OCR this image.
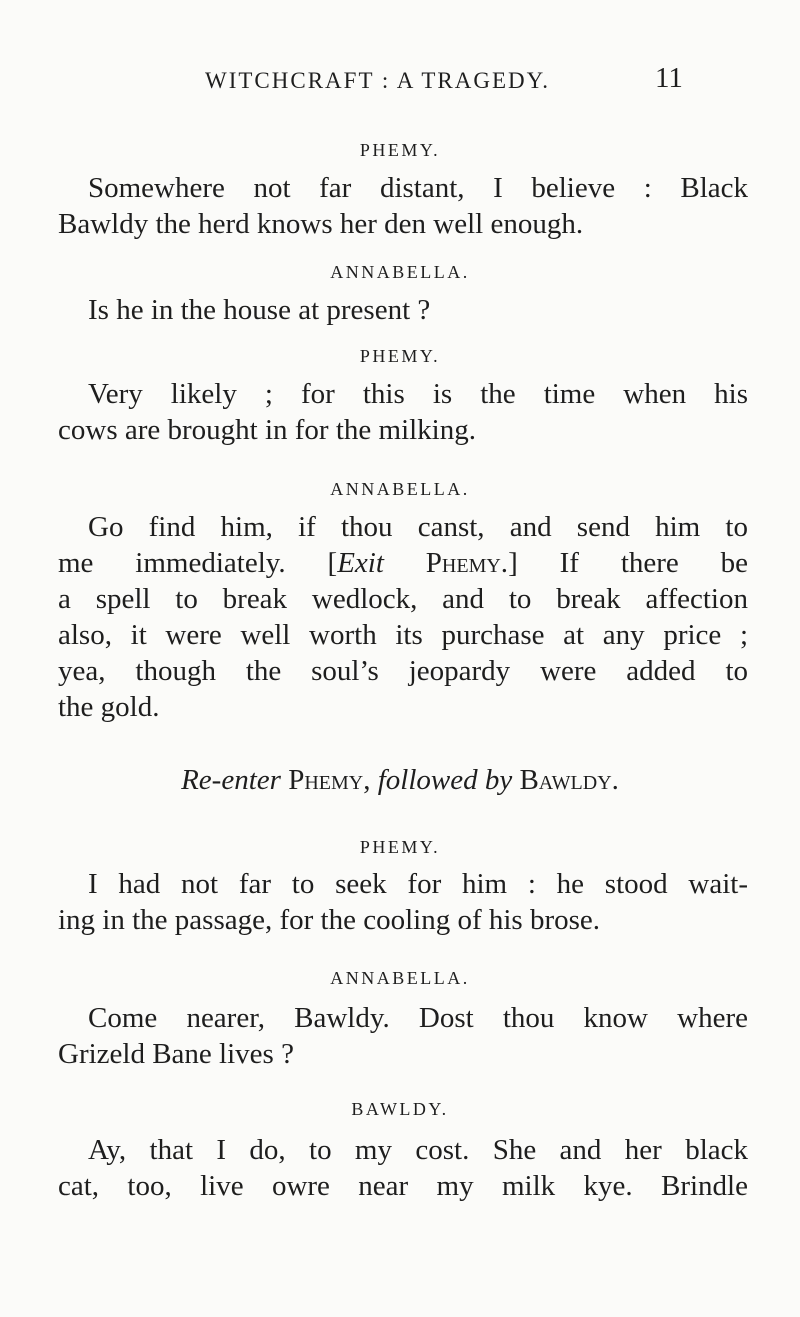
WITCHCRAFT : A TRAGEDY.	11
PHEMY.
Somewhere not far distant, I believe : Black
Bawldy the herd knows her den well enough.
ANNABELLA.
Is he in the house at present ?
PHEMY.
Very likely ; for this is the time when his
cows are brought in for the milking.
ANNABELLA.
Go find him, if thou canst, and send him to
me immediately. [Exit Phemy.] If there be
a spell to break wedlock, and to break affection
also, it were well worth its purchase at any price ;
yea, though the soul’s jeopardy were added to
the gold.
Re-enter Phemy, followed by Bawldy.
PHEMY.
I had not far to seek for him : he stood wait-
ing in the passage, for the cooling of his brose.
ANNABELLA.
Come nearer, Bawldy. Dost thou know where
Grizeld Bane lives ?
BAWLDY.
Ay, that I do, to my cost. She and her black
cat, too, live owre near my milk kye. Brindle
